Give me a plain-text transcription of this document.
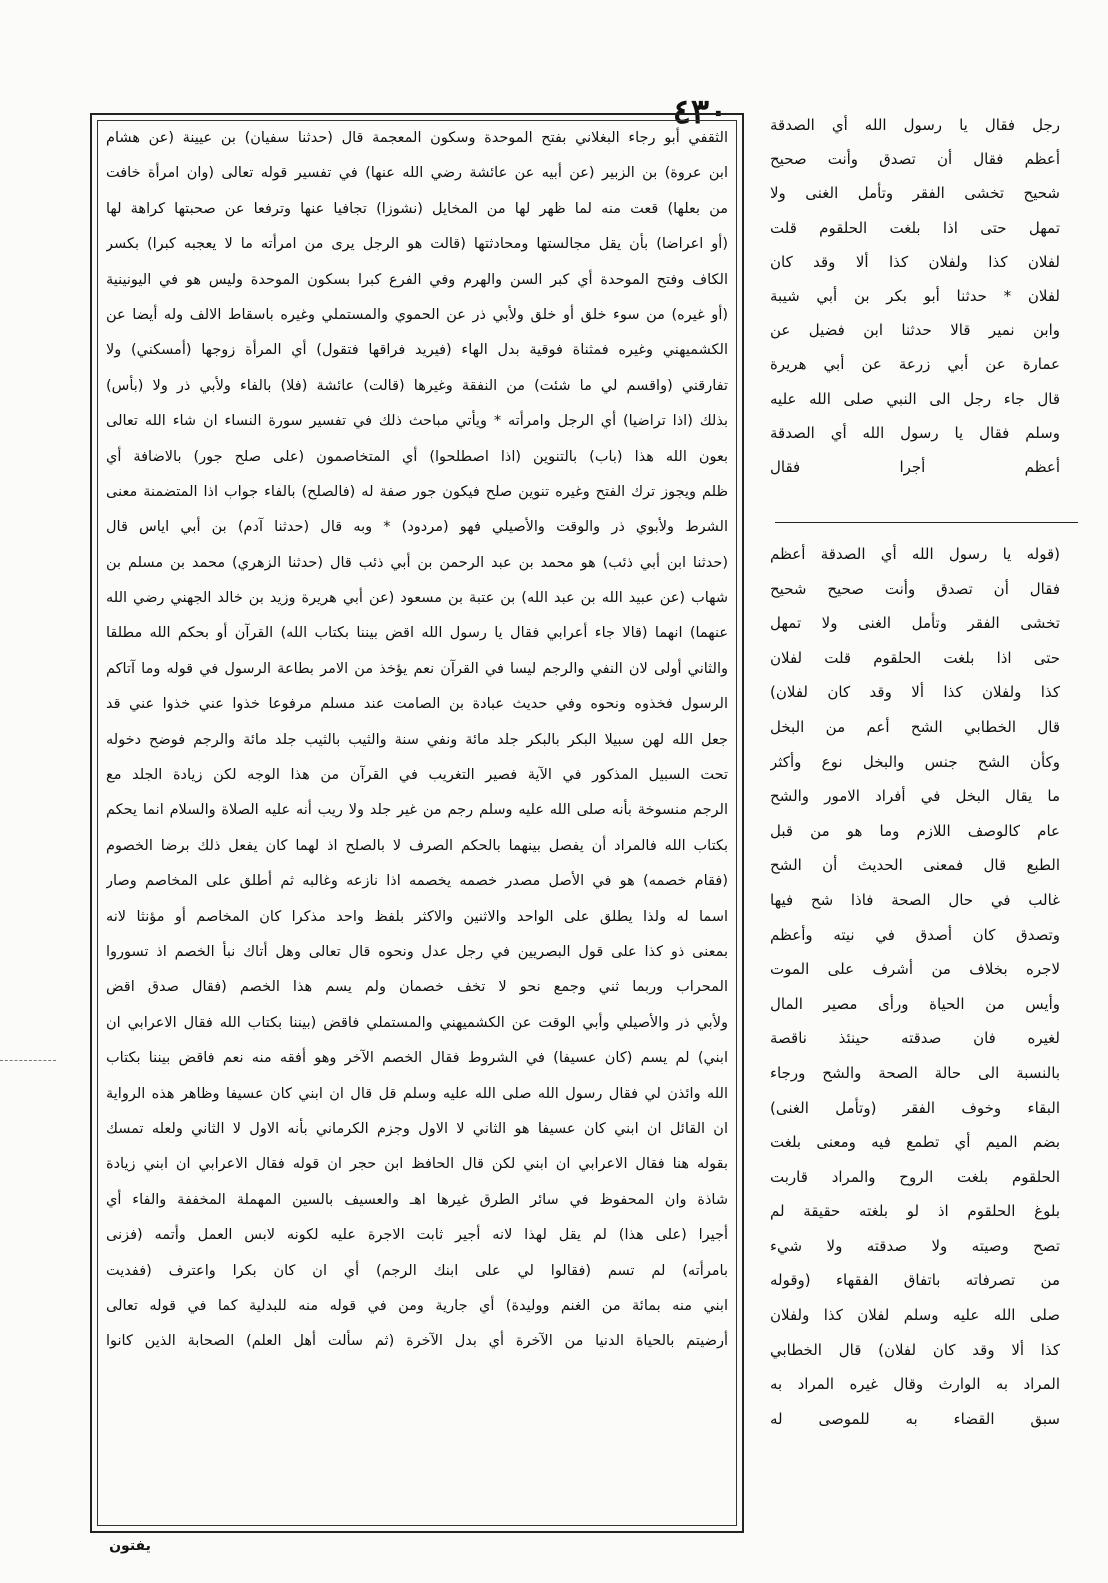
٤٣٠	رجل فقال يا رسول الله أي الصدقة
أعظم فقال أن تصدق وأنت صحيح
شحيح تخشى الفقر وتأمل الغنى ولا
تمهل حتى اذا بلغت الحلقوم قلت
لفلان كذا ولفلان كذا ألا وقد كان
لفلان * حدثنا أبو بكر بن أبي شيبة
وابن نمير قالا حدثنا ابن فضيل عن
عمارة عن أبي زرعة عن أبي هريرة
قال جاء رجل الى النبي صلى الله عليه
وسلم فقال يا رسول الله أي الصدقة
أعظم أجرا فقال
(قوله يا رسول الله أي الصدقة أعظم
فقال أن تصدق وأنت صحيح شحيح
تخشى الفقر وتأمل الغنى ولا تمهل
حتى اذا بلغت الحلقوم قلت لفلان
كذا ولفلان كذا ألا وقد كان لفلان)
قال الخطابي الشح أعم من البخل
وكأن الشح جنس والبخل نوع وأكثر
ما يقال البخل في أفراد الامور والشح
عام كالوصف اللازم وما هو من قبل
الطبع قال فمعنى الحديث أن الشح
غالب في حال الصحة فاذا شح فيها
وتصدق كان أصدق في نيته وأعظم
لاجره بخلاف من أشرف على الموت
وأيس من الحياة ورأى مصير المال
لغيره فان صدقته حينئذ ناقصة
بالنسبة الى حالة الصحة والشح ورجاء
البقاء وخوف الفقر (وتأمل الغنى)
بضم الميم أي تطمع فيه ومعنى بلغت
الحلقوم بلغت الروح والمراد قاربت
بلوغ الحلقوم اذ لو بلغته حقيقة لم
تصح وصيته ولا صدقته ولا شيء
من تصرفاته باتفاق الفقهاء (وقوله
صلى الله عليه وسلم لفلان كذا ولفلان
كذا ألا وقد كان لفلان) قال الخطابي
المراد به الوارث وقال غيره المراد به
سبق القضاء به للموصى له
الثقفي أبو رجاء البغلاني بفتح الموحدة وسكون المعجمة قال (حدثنا سفيان) بن عيينة (عن هشام
ابن عروة) بن الزبير (عن أبيه عن عائشة رضي الله عنها) في تفسير قوله تعالى (وان امرأة خافت
من بعلها) قعت منه لما ظهر لها من المخايل (نشوزا) تجافيا عنها وترفعا عن صحبتها كراهة لها
(أو اعراضا) بأن يقل مجالستها ومحادثتها (قالت هو الرجل يرى من امرأته ما لا يعجبه كبرا) بكسر
الكاف وفتح الموحدة أي كبر السن والهرم وفي الفرع كبرا بسكون الموحدة وليس هو في اليونينية
(أو غيره) من سوء خلق أو خلق ولأبي ذر عن الحموي والمستملي وغيره باسقاط الالف وله أيضا عن
الكشميهني وغيره فمثناة فوقية بدل الهاء (فيريد فراقها فتقول) أي المرأة زوجها (أمسكني) ولا
تفارقني (واقسم لي ما شئت) من النفقة وغيرها (قالت) عائشة (فلا) بالفاء ولأبي ذر ولا (بأس)
بذلك (اذا تراضيا) أي الرجل وامرأته * ويأتي مباحث ذلك في تفسير سورة النساء ان شاء الله تعالى
بعون الله هذا (باب) بالتنوين (اذا اصطلحوا) أي المتخاصمون (على صلح جور) بالاضافة أي
ظلم ويجوز ترك الفتح وغيره تنوين صلح فيكون جور صفة له (فالصلح) بالفاء جواب اذا المتضمنة معنى
الشرط ولأبوي ذر والوقت والأصيلي فهو (مردود) * وبه قال (حدثنا آدم) بن أبي اياس قال
(حدثنا ابن أبي ذئب) هو محمد بن عبد الرحمن بن أبي ذئب قال (حدثنا الزهري) محمد بن مسلم بن
شهاب (عن عبيد الله بن عبد الله) بن عتبة بن مسعود (عن أبي هريرة وزيد بن خالد الجهني رضي الله
عنهما) انهما (قالا جاء أعرابي فقال يا رسول الله اقض بيننا بكتاب الله) القرآن أو بحكم الله مطلقا
والثاني أولى لان النفي والرجم ليسا في القرآن نعم يؤخذ من الامر بطاعة الرسول في قوله وما آتاكم
الرسول فخذوه ونحوه وفي حديث عبادة بن الصامت عند مسلم مرفوعا خذوا عني خذوا عني قد
جعل الله لهن سبيلا البكر بالبكر جلد مائة ونفي سنة والثيب بالثيب جلد مائة والرجم فوضح دخوله
تحت السبيل المذكور في الآية فصير التغريب في القرآن من هذا الوجه لكن زيادة الجلد مع
الرجم منسوخة بأنه صلى الله عليه وسلم رجم من غير جلد ولا ريب أنه عليه الصلاة والسلام انما يحكم
بكتاب الله فالمراد أن يفصل بينهما بالحكم الصرف لا بالصلح اذ لهما كان يفعل ذلك برضا الخصوم
(فقام خصمه) هو في الأصل مصدر خصمه يخصمه اذا نازعه وغالبه ثم أطلق على المخاصم وصار
اسما له ولذا يطلق على الواحد والاثنين والاكثر بلفظ واحد مذكرا كان المخاصم أو مؤنثا لانه
بمعنى ذو كذا على قول البصريين في رجل عدل ونحوه قال تعالى وهل أتاك نبأ الخصم اذ تسوروا
المحراب وربما ثني وجمع نحو لا تخف خصمان ولم يسم هذا الخصم (فقال صدق اقض
ولأبي ذر والأصيلي وأبي الوقت عن الكشميهني والمستملي فاقض (بيننا بكتاب الله فقال الاعرابي ان
ابني) لم يسم (كان عسيفا) في الشروط فقال الخصم الآخر وهو أفقه منه نعم فاقض بيننا بكتاب
الله وائذن لي فقال رسول الله صلى الله عليه وسلم قل قال ان ابني كان عسيفا وظاهر هذه الرواية
ان القائل ان ابني كان عسيفا هو الثاني لا الاول وجزم الكرماني بأنه الاول لا الثاني ولعله تمسك
بقوله هنا فقال الاعرابي ان ابني لكن قال الحافظ ابن حجر ان قوله فقال الاعرابي ان ابني زيادة
شاذة وان المحفوظ في سائر الطرق غيرها اهـ والعسيف بالسين المهملة المخففة والفاء أي
أجيرا (على هذا) لم يقل لهذا لانه أجير ثابت الاجرة عليه لكونه لابس العمل وأتمه (فزنى
بامرأته) لم تسم (فقالوا لي على ابنك الرجم) أي ان كان بكرا واعترف (ففديت
ابني منه بمائة من الغنم ووليدة) أي جارية ومن في قوله منه للبدلية كما في قوله تعالى
أرضيتم بالحياة الدنيا من الآخرة أي بدل الآخرة (ثم سألت أهل العلم) الصحابة الذين كانوا
يفتون
